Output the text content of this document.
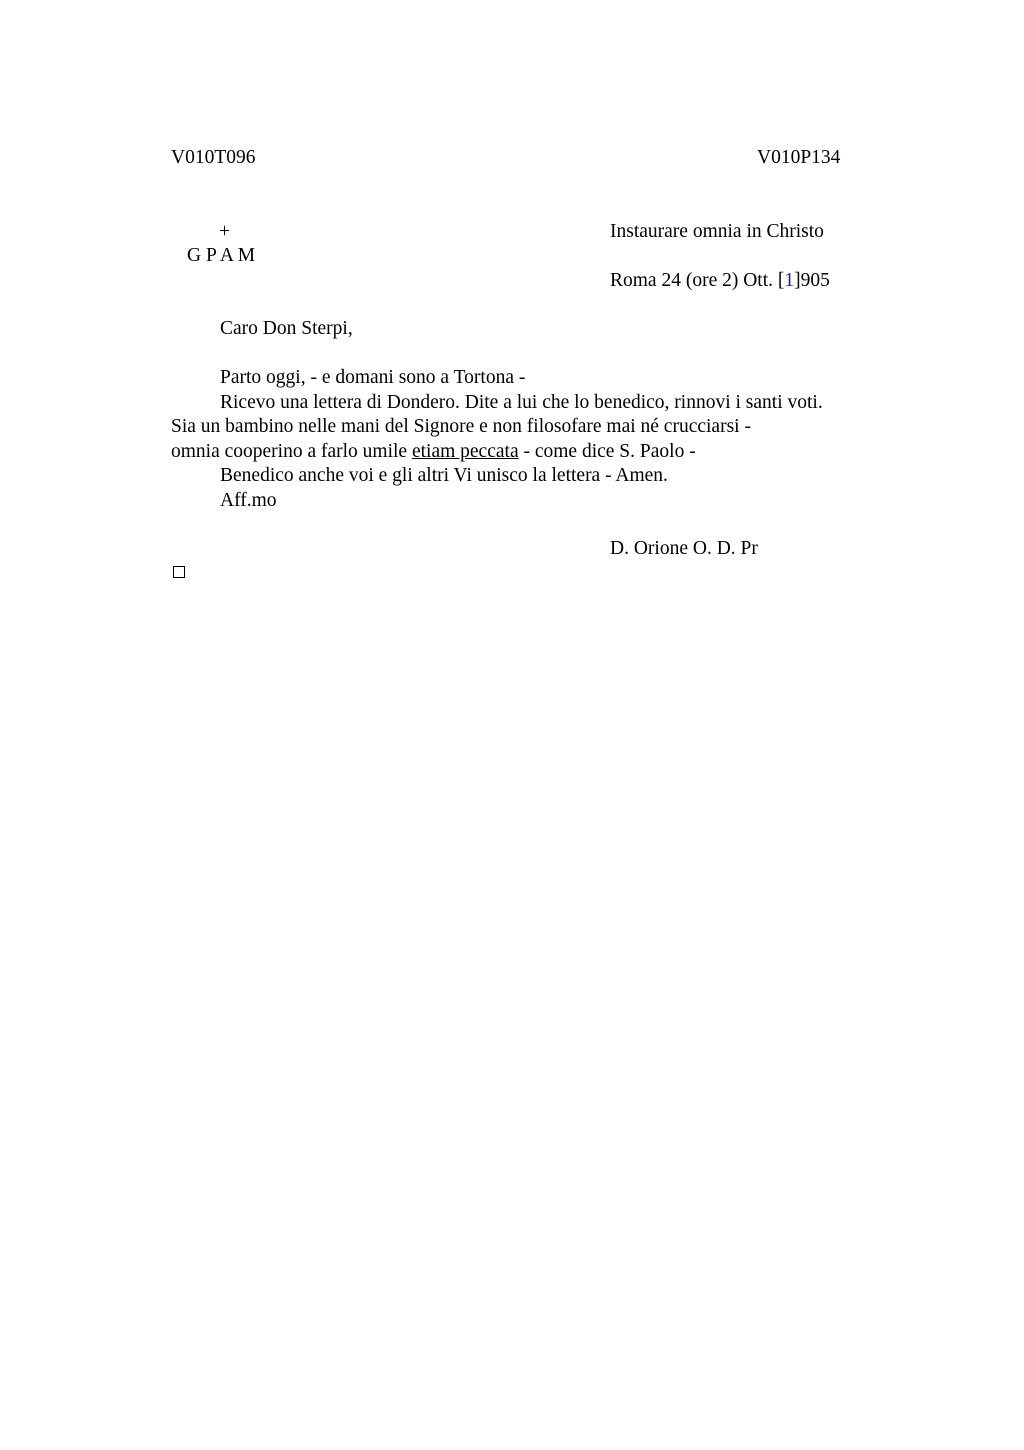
V010T096	V010P134
+
G P A M
Instaurare omnia in Christo
Roma 24 (ore 2) Ott. [1]905
Caro Don Sterpi,
Parto oggi, - e domani sono a Tortona -
Ricevo una lettera di Dondero. Dite a lui che lo benedico, rinnovi i santi voti.
Sia un bambino nelle mani del Signore e non filosofare mai né crucciarsi -
omnia cooperino a farlo umile etiam peccata - come dice S. Paolo -
Benedico anche voi e gli altri Vi unisco la lettera - Amen.
Aff.mo
D. Orione O. D. Pr
